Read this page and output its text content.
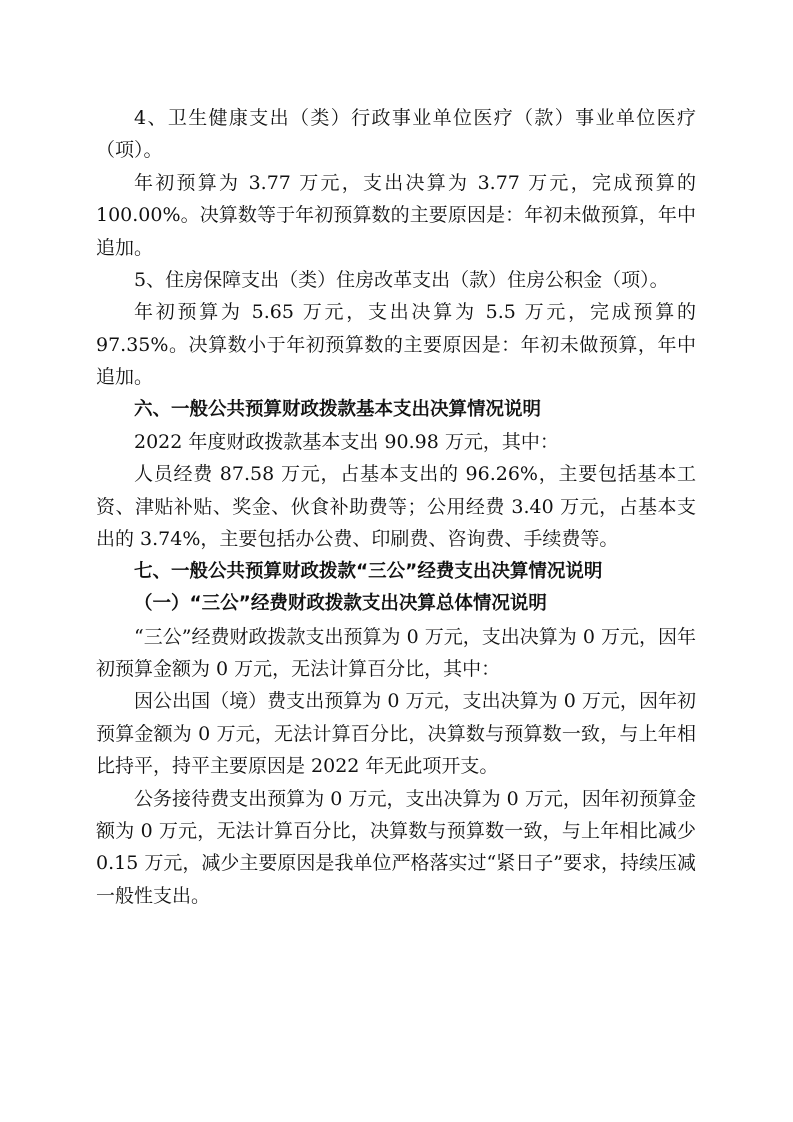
4、卫生健康支出（类）行政事业单位医疗（款）事业单位医疗（项）。

年初预算为 3.77 万元，支出决算为 3.77 万元，完成预算的 100.00%。决算数等于年初预算数的主要原因是：年初未做预算，年中追加。

5、住房保障支出（类）住房改革支出（款）住房公积金（项）。

年初预算为 5.65 万元，支出决算为 5.5 万元，完成预算的 97.35%。决算数小于年初预算数的主要原因是：年初未做预算，年中追加。

六、一般公共预算财政拨款基本支出决算情况说明

2022 年度财政拨款基本支出 90.98 万元，其中：

人员经费 87.58 万元，占基本支出的 96.26%，主要包括基本工资、津贴补贴、奖金、伙食补助费等；公用经费 3.40 万元，占基本支出的 3.74%，主要包括办公费、印刷费、咨询费、手续费等。

七、一般公共预算财政拨款“三公”经费支出决算情况说明

（一）“三公”经费财政拨款支出决算总体情况说明

“三公”经费财政拨款支出预算为 0 万元，支出决算为 0 万元，因年初预算金额为 0 万元，无法计算百分比，其中：

因公出国（境）费支出预算为 0 万元，支出决算为 0 万元，因年初预算金额为 0 万元，无法计算百分比，决算数与预算数一致，与上年相比持平，持平主要原因是 2022 年无此项开支。

公务接待费支出预算为 0 万元，支出决算为 0 万元，因年初预算金额为 0 万元，无法计算百分比，决算数与预算数一致，与上年相比减少 0.15 万元，减少主要原因是我单位严格落实过“紧日子”要求，持续压减一般性支出。
